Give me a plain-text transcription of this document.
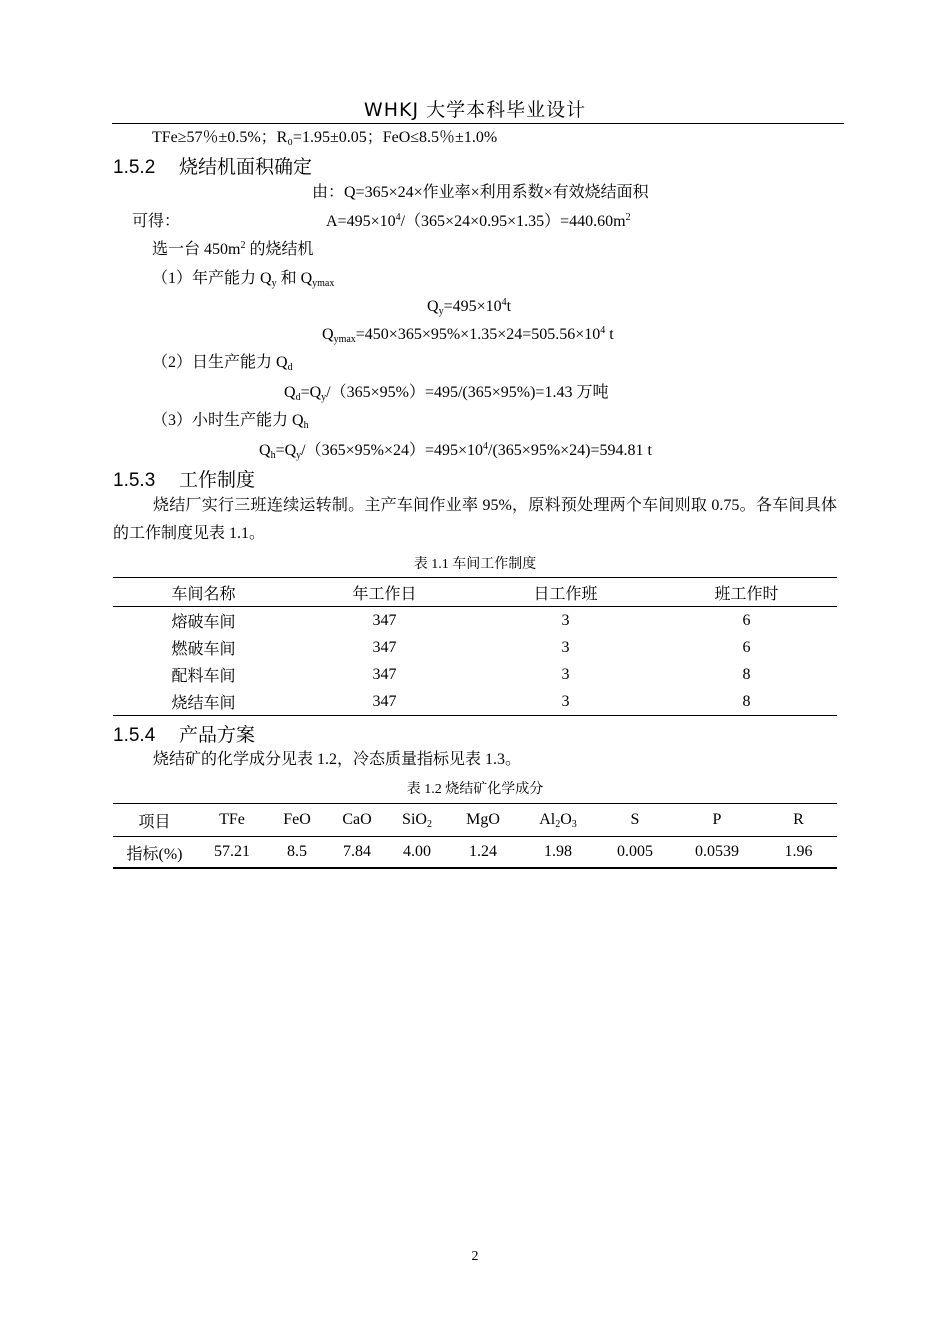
WHKJ 大学本科毕业设计
TFe≥57％±0.5%；R₀=1.95±0.05；FeO≤8.5％±1.0%
1.5.2 烧结机面积确定
由：Q=365×24×作业率×利用系数×有效烧结面积
可得：	$A=495\times 10^4/(365\times 24\times 0.95\times 1.35)=440.60m^2$
选一台 $450m^2$ 的烧结机
（1）年产能力 $Q_y$ 和 $Q_{ymax}$
$Q_y=495\times 10^4t$
$Q_{ymax}=450\times 365\times 95\%\times 1.35\times 24=505.56\times 10^4$ t
（2）日生产能力 $Q_d$
$Q_d=Q_y/(365\times 95\%)=495/(365\times 95\%)=1.43$ 万吨
（3）小时生产能力 $Q_h$
$Q_h=Q_y/(365\times 95\%\times 24)=495\times 10^4/(365\times 95\%\times 24)=594.81$ t
1.5.3 工作制度
烧结厂实行三班连续运转制。主产车间作业率 95%，原料预处理两个车间则取 0.75。各车间具体的工作制度见表 1.1。
表 1.1 车间工作制度
车间名称	年工作日	日工作班	班工作时
熔破车间	347	3	6
燃破车间	347	3	6
配料车间	347	3	8
烧结车间	347	3	8
1.5.4 产品方案
烧结矿的化学成分见表 1.2，冷态质量指标见表 1.3。
表 1.2 烧结矿化学成分
项目	TFe	FeO	CaO	SiO$_2$	MgO	$Al_2O_3$	S	P	R
指标(%)	57.21	8.5	7.84	4.00	1.24	1.98	0.005	0.0539	1.96
2
